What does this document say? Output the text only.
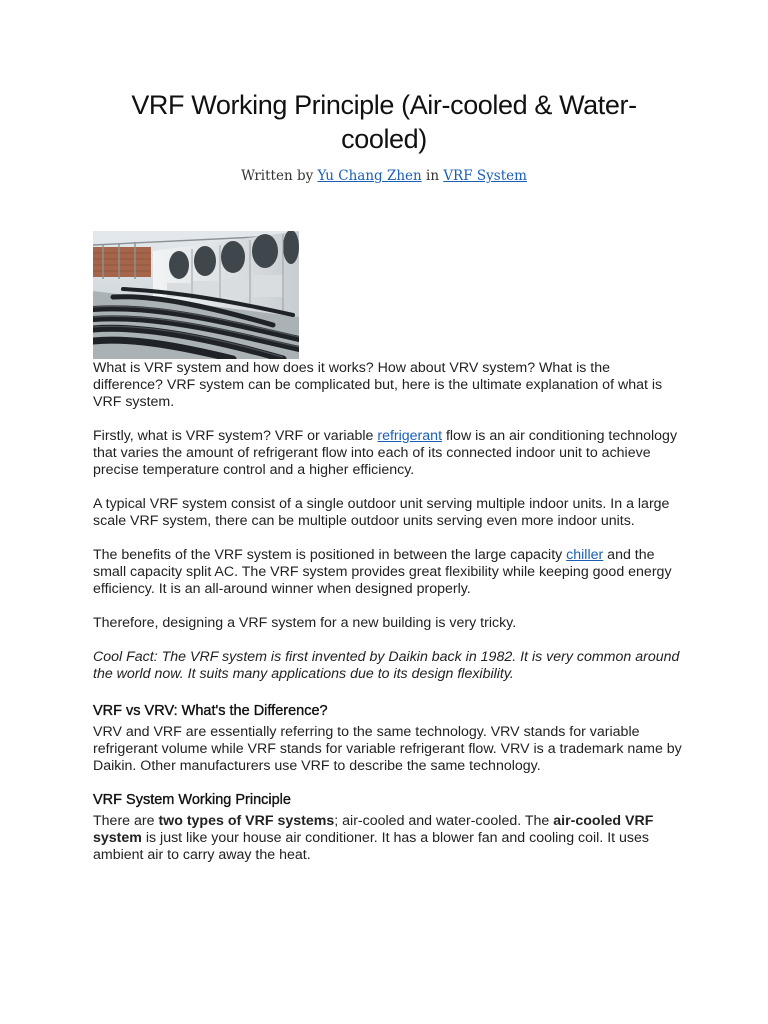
VRF Working Principle (Air-cooled & Water-cooled)
Written by Yu Chang Zhen in VRF System

What is VRF system and how does it works? How about VRV system? What is the difference? VRF system can be complicated but, here is the ultimate explanation of what is VRF system.

Firstly, what is VRF system? VRF or variable refrigerant flow is an air conditioning technology that varies the amount of refrigerant flow into each of its connected indoor unit to achieve precise temperature control and a higher efficiency.

A typical VRF system consist of a single outdoor unit serving multiple indoor units. In a large scale VRF system, there can be multiple outdoor units serving even more indoor units.

The benefits of the VRF system is positioned in between the large capacity chiller and the small capacity split AC. The VRF system provides great flexibility while keeping good energy efficiency. It is an all-around winner when designed properly.

Therefore, designing a VRF system for a new building is very tricky.

Cool Fact: The VRF system is first invented by Daikin back in 1982. It is very common around the world now. It suits many applications due to its design flexibility.

VRF vs VRV: What's the Difference?

VRV and VRF are essentially referring to the same technology. VRV stands for variable refrigerant volume while VRF stands for variable refrigerant flow. VRV is a trademark name by Daikin. Other manufacturers use VRF to describe the same technology.

VRF System Working Principle

There are two types of VRF systems; air-cooled and water-cooled. The air-cooled VRF system is just like your house air conditioner. It has a blower fan and cooling coil. It uses ambient air to carry away the heat.
